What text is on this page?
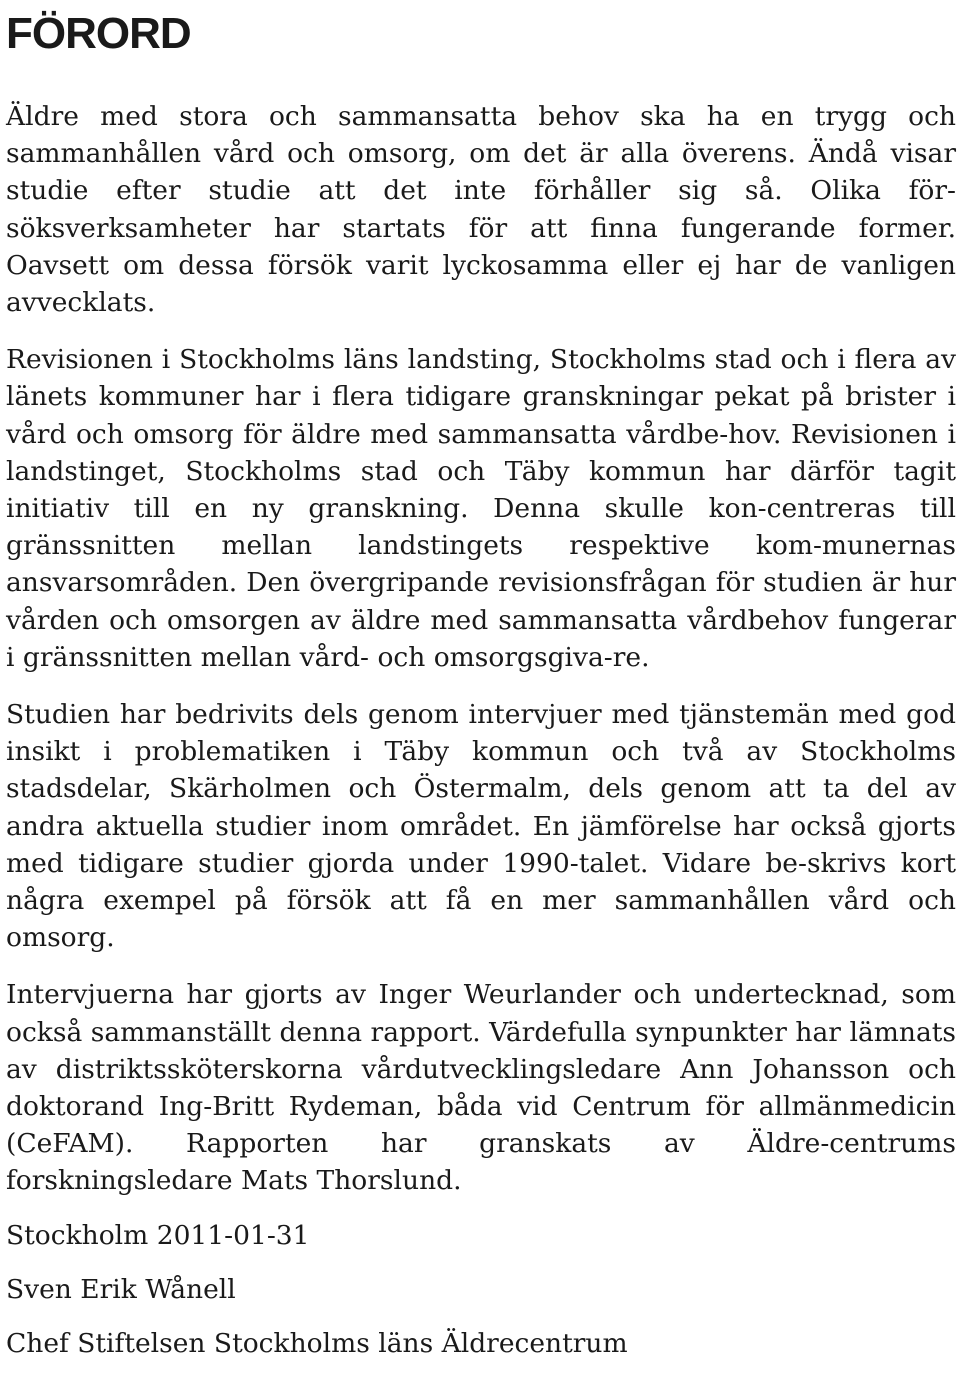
FÖRORD

Äldre med stora och sammansatta behov ska ha en trygg och sammanhållen vård och omsorg, om det är alla överens. Ändå visar studie efter studie att det inte förhåller sig så. Olika för-söksverksamheter har startats för att finna fungerande former. Oavsett om dessa försök varit lyckosamma eller ej har de vanligen avvecklats.

Revisionen i Stockholms läns landsting, Stockholms stad och i flera av länets kommuner har i flera tidigare granskningar pekat på brister i vård och omsorg för äldre med sammansatta vårdbe-hov. Revisionen i landstinget, Stockholms stad och Täby kommun har därför tagit initiativ till en ny granskning. Denna skulle kon-centreras till gränssnitten mellan landstingets respektive kom-munernas ansvarsområden. Den övergripande revisionsfrågan för studien är hur vården och omsorgen av äldre med sammansatta vårdbehov fungerar i gränssnitten mellan vård- och omsorgsgiva-re.

Studien har bedrivits dels genom intervjuer med tjänstemän med god insikt i problematiken i Täby kommun och två av Stockholms stadsdelar, Skärholmen och Östermalm, dels genom att ta del av andra aktuella studier inom området. En jämförelse har också gjorts med tidigare studier gjorda under 1990-talet. Vidare be-skrivs kort några exempel på försök att få en mer sammanhållen vård och omsorg.

Intervjuerna har gjorts av Inger Weurlander och undertecknad, som också sammanställt denna rapport. Värdefulla synpunkter har lämnats av distriktssköterskorna vårdutvecklingsledare Ann Johansson och doktorand Ing-Britt Rydeman, båda vid Centrum för allmänmedicin (CeFAM). Rapporten har granskats av Äldre-centrums forskningsledare Mats Thorslund.

Stockholm 2011-01-31

Sven Erik Wånell

Chef Stiftelsen Stockholms läns Äldrecentrum
